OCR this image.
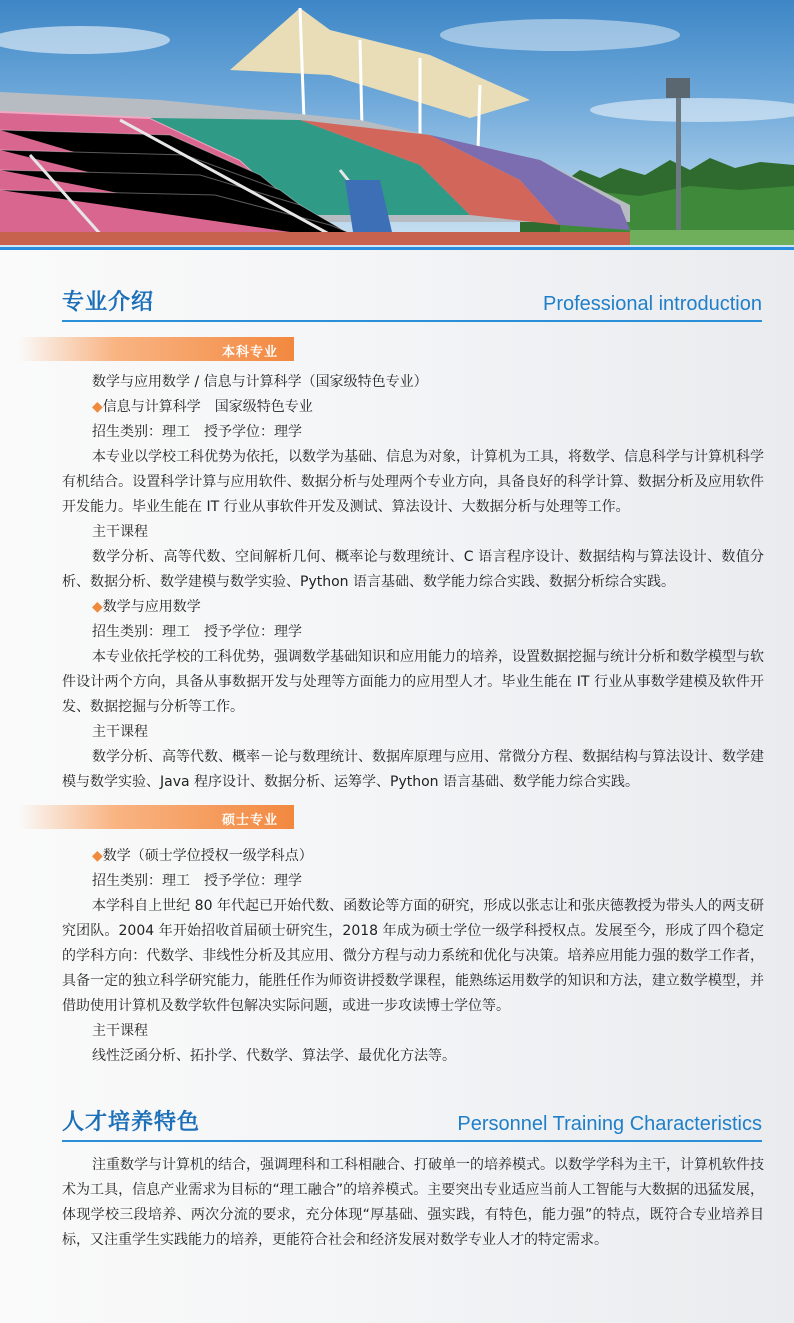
专业介绍	Professional introduction
本科专业

数学与应用数学 / 信息与计算科学（国家级特色专业）

◆信息与计算科学　国家级特色专业

招生类别：理工　授予学位：理学

本专业以学校工科优势为依托，以数学为基础、信息为对象，计算机为工具，将数学、信息科学与计算机科学有机结合。设置科学计算与应用软件、数据分析与处理两个专业方向，具备良好的科学计算、数据分析及应用软件开发能力。毕业生能在 IT 行业从事软件开发及测试、算法设计、大数据分析与处理等工作。

主干课程

数学分析、高等代数、空间解析几何、概率论与数理统计、C 语言程序设计、数据结构与算法设计、数值分析、数据分析、数学建模与数学实验、Python 语言基础、数学能力综合实践、数据分析综合实践。

◆数学与应用数学

招生类别：理工　授予学位：理学

本专业依托学校的工科优势，强调数学基础知识和应用能力的培养，设置数据挖掘与统计分析和数学模型与软件设计两个方向，具备从事数据开发与处理等方面能力的应用型人才。毕业生能在 IT 行业从事数学建模及软件开发、数据挖掘与分析等工作。

主干课程

数学分析、高等代数、概率－论与数理统计、数据库原理与应用、常微分方程、数据结构与算法设计、数学建模与数学实验、Java 程序设计、数据分析、运筹学、Python 语言基础、数学能力综合实践。

硕士专业

◆数学（硕士学位授权一级学科点）

招生类别：理工　授予学位：理学

本学科自上世纪 80 年代起已开始代数、函数论等方面的研究，形成以张志让和张庆德教授为带头人的两支研究团队。2004 年开始招收首届硕士研究生，2018 年成为硕士学位一级学科授权点。发展至今，形成了四个稳定的学科方向：代数学、非线性分析及其应用、微分方程与动力系统和优化与决策。培养应用能力强的数学工作者，具备一定的独立科学研究能力，能胜任作为师资讲授数学课程，能熟练运用数学的知识和方法，建立数学模型，并借助使用计算机及数学软件包解决实际问题，或进一步攻读博士学位等。

主干课程

线性泛函分析、拓扑学、代数学、算法学、最优化方法等。

人才培养特色	Personnel Training Characteristics

注重数学与计算机的结合，强调理科和工科相融合、打破单一的培养模式。以数学学科为主干，计算机软件技术为工具，信息产业需求为目标的“理工融合”的培养模式。主要突出专业适应当前人工智能与大数据的迅猛发展，体现学校三段培养、两次分流的要求，充分体现“厚基础、强实践，有特色，能力强”的特点，既符合专业培养目标，又注重学生实践能力的培养，更能符合社会和经济发展对数学专业人才的特定需求。
